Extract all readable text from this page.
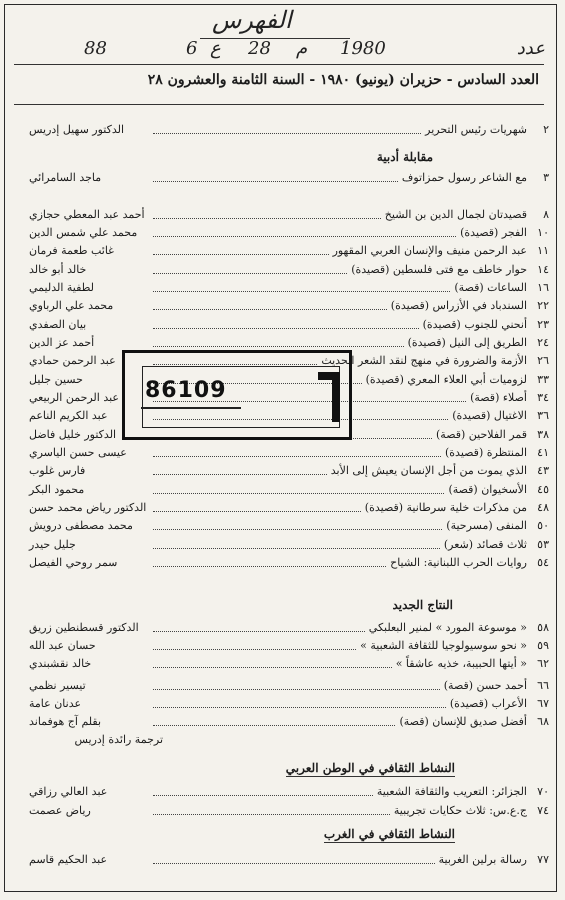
الفهرس
عدد
1980
م
28
ع
6
88
العدد السادس - حزيران (يونيو) ١٩٨٠ - السنة الثامنة والعشرون ٢٨
٢
شهريات رئيس التحرير
الدكتور سهيل إدريس
مقابلة أدبية
٣
مع الشاعر رسول حمزاتوف
ماجد السامرائي
٨
قصيدتان لجمال الدين بن الشيخ
أحمد عبد المعطي حجازي
١٠
الفجر (قصيدة)
محمد علي شمس الدين
١١
عبد الرحمن منيف والإنسان العربي المقهور
غائب طعمة فرمان
١٤
حوار خاطف مع فتى فلسطين (قصيدة)
خالد أبو خالد
١٦
الساعات (قصة)
لطفية الدليمي
٢٢
السندباد في الأزراس (قصيدة)
محمد علي الرباوي
٢٣
أنحني للجنوب (قصيدة)
بيان الصفدي
٢٤
الطريق إلى النيل (قصيدة)
أحمد عز الدين
٢٦
الأزمة والضرورة في منهج لنقد الشعر الحديث
عبد الرحمن حمادي
٣٣
لزوميات أبي العلاء المعري (قصيدة)
حسين جليل
٣٤
أصلاء (قصة)
عبد الرحمن الربيعي
٣٦
الاغتيال (قصيدة)
عبد الكريم الناعم
٣٨
قمر الفلاحين (قصة)
الدكتور خليل فاضل
٤١
المنتظرة (قصيدة)
عيسى حسن الياسري
٤٣
الذي يموت من أجل الإنسان يعيش إلى الأبد
فارس غلوب
٤٥
الأسخيوان (قصة)
محمود البكر
٤٨
من مذكرات خلية سرطانية (قصيدة)
الدكتور رياض محمد حسن
٥٠
المنفى (مسرحية)
محمد مصطفى درويش
٥٣
ثلاث قصائد (شعر)
جليل حيدر
٥٤
روايات الحرب اللبنانية: الشياح
سمر روحي الفيصل
النتاج الجديد
٥٨
« موسوعة المورد » لمنير البعلبكي
الدكتور قسطنطين زريق
٥٩
« نحو سوسيولوجيا للثقافة الشعبية »
حسان عبد الله
٦٢
« أيتها الحبيبة، خذيه عاشقاً »
خالد نقشبندي
٦٦
أحمد حسن (قصة)
تيسير نظمي
٦٧
الأعراب (قصيدة)
عدنان عامة
٦٨
أفضل صديق للإنسان (قصة)
بقلم آج هوفماند
ترجمة رائدة إدريس
النشاط الثقافي في الوطن العربي
٧٠
الجزائر: التعريب والثقافة الشعبية
عبد العالي رزاقي
٧٤
ج.ع.س: ثلاث حكايات تجريبية
رياض عصمت
النشاط الثقافي في الغرب
٧٧
رسالة برلين الغربية
عبد الحكيم قاسم
86109
